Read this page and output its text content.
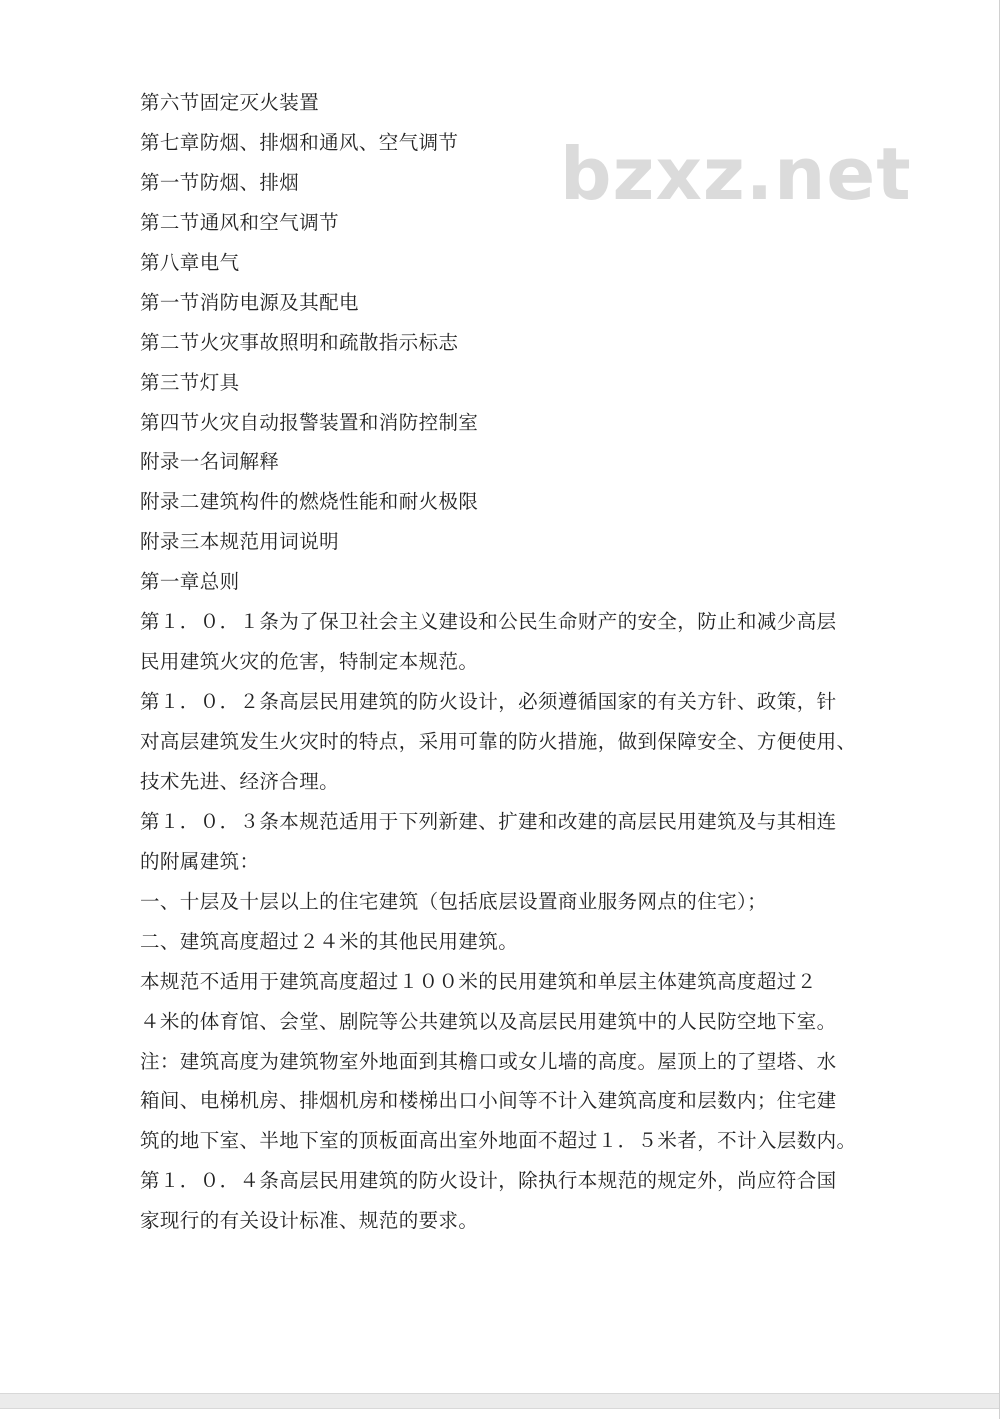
第六节固定灭火装置
第七章防烟、排烟和通风、空气调节
第一节防烟、排烟
第二节通风和空气调节
第八章电气
第一节消防电源及其配电
第二节火灾事故照明和疏散指示标志
第三节灯具
第四节火灾自动报警装置和消防控制室
附录一名词解释
附录二建筑构件的燃烧性能和耐火极限
附录三本规范用词说明
第一章总则
第１．０．１条为了保卫社会主义建设和公民生命财产的安全，防止和减少高层
民用建筑火灾的危害，特制定本规范。
第１．０．２条高层民用建筑的防火设计，必须遵循国家的有关方针、政策，针
对高层建筑发生火灾时的特点，采用可靠的防火措施，做到保障安全、方便使用、
技术先进、经济合理。
第１．０．３条本规范适用于下列新建、扩建和改建的高层民用建筑及与其相连
的附属建筑：
一、十层及十层以上的住宅建筑（包括底层设置商业服务网点的住宅）；
二、建筑高度超过２４米的其他民用建筑。
本规范不适用于建筑高度超过１００米的民用建筑和单层主体建筑高度超过２
４米的体育馆、会堂、剧院等公共建筑以及高层民用建筑中的人民防空地下室。
注：建筑高度为建筑物室外地面到其檐口或女儿墙的高度。屋顶上的了望塔、水
箱间、电梯机房、排烟机房和楼梯出口小间等不计入建筑高度和层数内；住宅建
筑的地下室、半地下室的顶板面高出室外地面不超过１．５米者，不计入层数内。
第１．０．４条高层民用建筑的防火设计，除执行本规范的规定外，尚应符合国
家现行的有关设计标准、规范的要求。
bzxz.net
